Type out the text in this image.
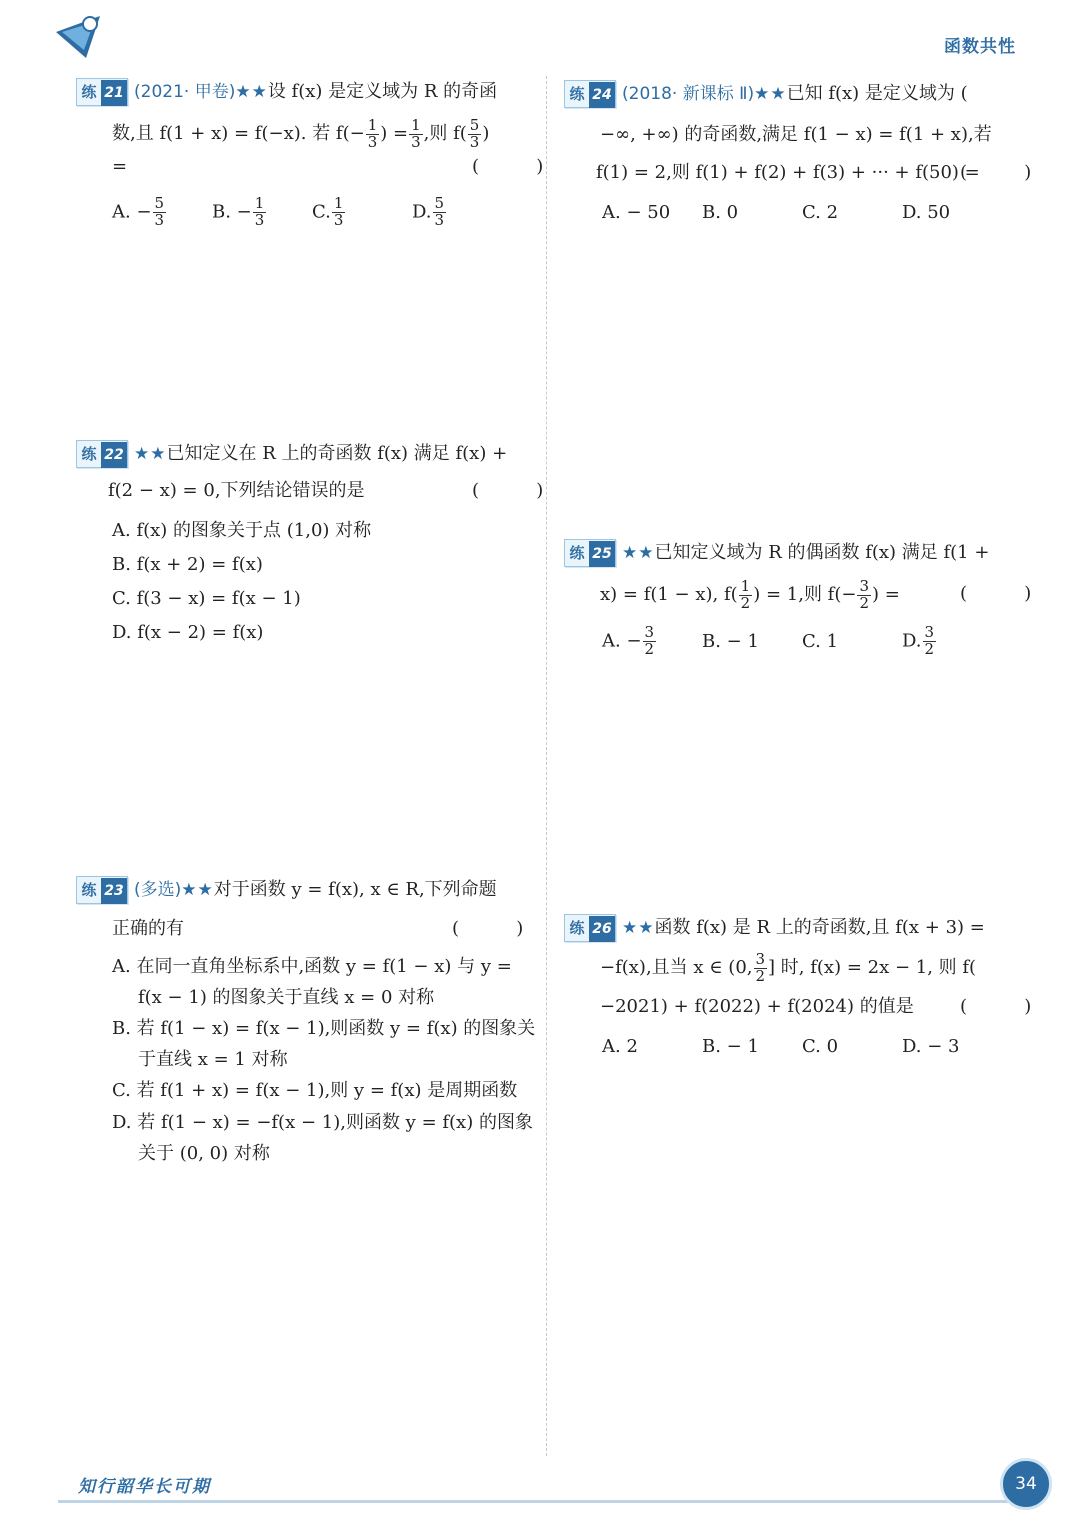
函数共性
练 21 (2021· 甲卷)★★设 f(x) 是定义域为 R 的奇函
数,且 f(1 + x) = f(−x). 若 $f(- \frac{1}{3}$ ) = $\frac{1}{3}$ ,则 $f( \frac{5}{3}$ )
=	(          )
A. − $\frac{5}{3}$	B. − $\frac{1}{3}$	C. $\frac{1}{3}$	D. $\frac{5}{3}$
练 22 ★★已知定义在 R 上的奇函数 f(x) 满足 f(x) +
f(2 − x) = 0,下列结论错误的是	(          )
A. f(x) 的图象关于点 (1,0) 对称
B. f(x + 2) = f(x)
C. f(3 − x) = f(x − 1)
D. f(x − 2) = f(x)
练 23 (多选)★★对于函数 y = f(x), x ∈ R,下列命题
正确的有	(          )
A. 在同一直角坐标系中,函数 y = f(1 − x) 与 y =
f(x − 1) 的图象关于直线 x = 0 对称
B. 若 f(1 − x) = f(x − 1),则函数 y = f(x) 的图象关
于直线 x = 1 对称
C. 若 f(1 + x) = f(x − 1),则 y = f(x) 是周期函数
D. 若 f(1 − x) = −f(x − 1),则函数 y = f(x) 的图象
关于 (0, 0) 对称
练 24 (2018· 新课标 Ⅱ)★★已知 f(x) 是定义域为 (
−∞, +∞) 的奇函数,满足 f(1 − x) = f(1 + x),若
f(1) = 2,则 f(1) + f(2) + f(3) + ··· + f(50) =
(          )
A. − 50 B. 0	C. 2	D. 50
练 25 ★★已知定义域为 R 的偶函数 f(x) 满足 f(1 +
x) = f(1 − x), $f( \frac{1}{2}$ ) = 1,则 $f(- \frac{3}{2}$ ) =	(          )
A. − $\frac{3}{2}$	B. − 1 C. 1	D. $\frac{3}{2}$
练 26 ★★函数 f(x) 是 R 上的奇函数,且 f(x + 3) =
−f(x),且当 x ∈ (0, $\frac{3}{2}$ ] 时, f(x) = 2x − 1, 则 f(
−2021) + f(2022) + f(2024) 的值是	(          )
A. 2	B. − 1 C. 0	D. − 3
知行韶华长可期	34
